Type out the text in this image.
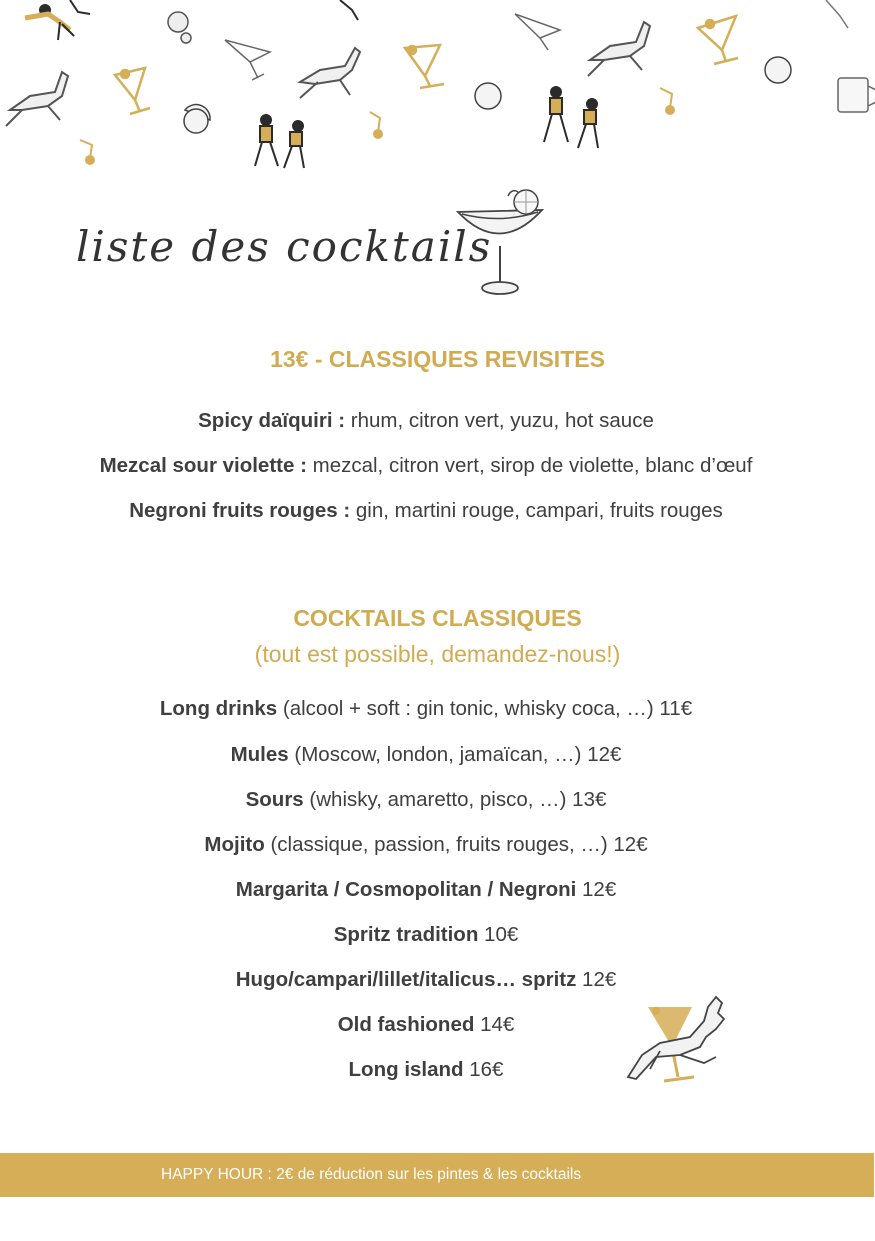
liste des cocktails
13€ - CLASSIQUES REVISITES
Spicy daïquiri : rhum, citron vert, yuzu, hot sauce
Mezcal sour violette : mezcal, citron vert, sirop de violette, blanc d’œuf
Negroni fruits rouges : gin, martini rouge, campari, fruits rouges
COCKTAILS CLASSIQUES
(tout est possible, demandez-nous!)
Long drinks (alcool + soft : gin tonic, whisky coca, …) 11€
Mules (Moscow, london, jamaïcan, …) 12€
Sours (whisky, amaretto, pisco, …) 13€
Mojito (classique, passion, fruits rouges, …) 12€
Margarita / Cosmopolitan / Negroni 12€
Spritz tradition 10€
Hugo/campari/lillet/italicus… spritz 12€
Old fashioned 14€
Long island 16€
HAPPY HOUR : 2€ de réduction sur les pintes & les cocktails
